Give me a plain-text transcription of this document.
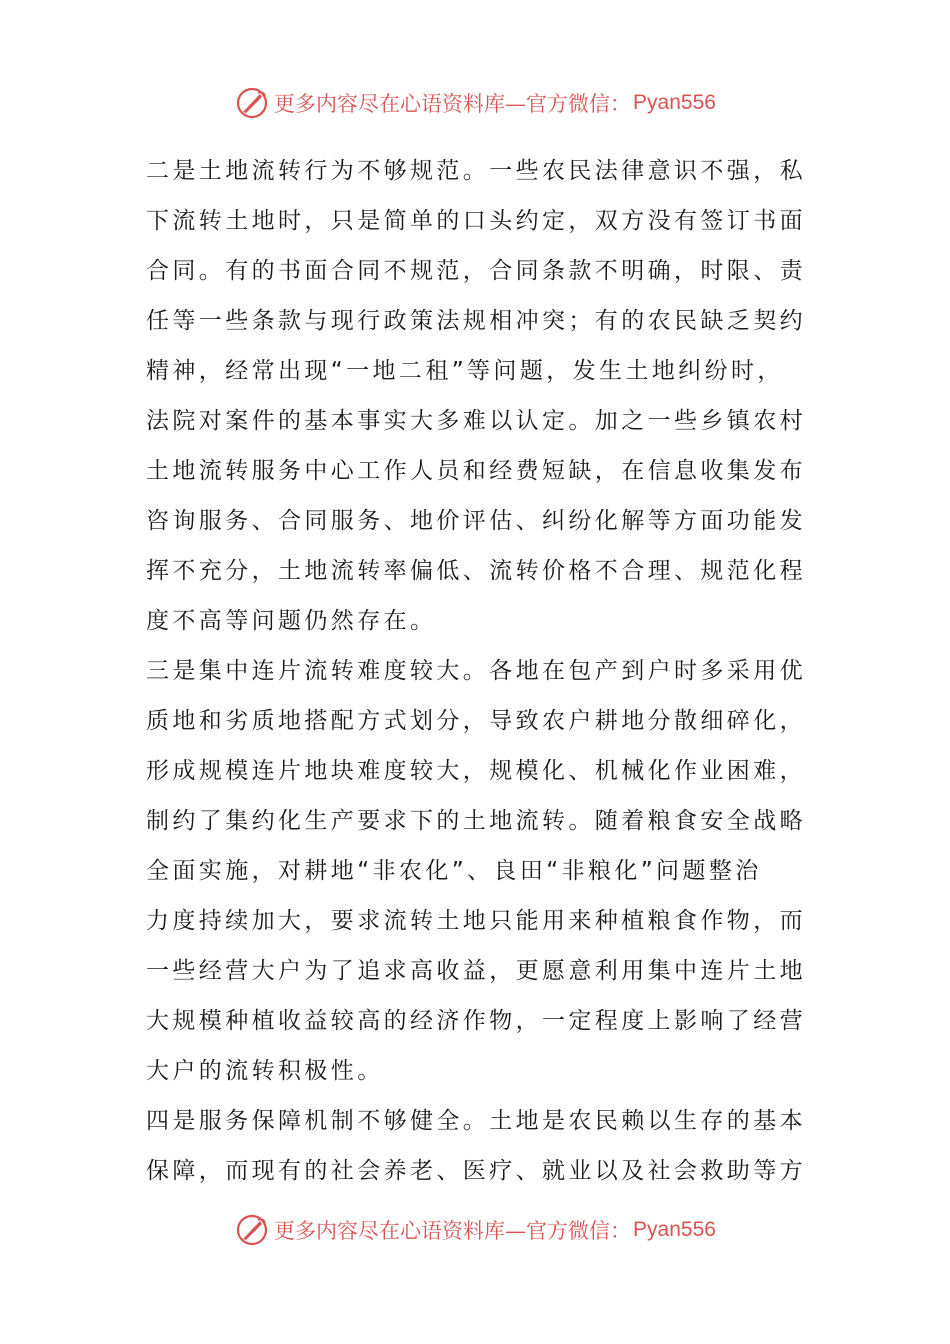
更多内容尽在心语资料库—官方微信： Pyan556
二是土地流转行为不够规范。一些农民法律意识不强，私
下流转土地时，只是简单的口头约定，双方没有签订书面
合同。有的书面合同不规范，合同条款不明确，时限、责
任等一些条款与现行政策法规相冲突；有的农民缺乏契约
精神，经常出现“一地二租”等问题，发生土地纠纷时，
法院对案件的基本事实大多难以认定。加之一些乡镇农村
土地流转服务中心工作人员和经费短缺，在信息收集发布
咨询服务、合同服务、地价评估、纠纷化解等方面功能发
挥不充分，土地流转率偏低、流转价格不合理、规范化程
度不高等问题仍然存在。
三是集中连片流转难度较大。各地在包产到户时多采用优
质地和劣质地搭配方式划分，导致农户耕地分散细碎化，
形成规模连片地块难度较大，规模化、机械化作业困难，
制约了集约化生产要求下的土地流转。随着粮食安全战略
全面实施，对耕地“非农化”、良田“非粮化”问题整治
力度持续加大，要求流转土地只能用来种植粮食作物，而
一些经营大户为了追求高收益，更愿意利用集中连片土地
大规模种植收益较高的经济作物，一定程度上影响了经营
大户的流转积极性。
四是服务保障机制不够健全。土地是农民赖以生存的基本
保障，而现有的社会养老、医疗、就业以及社会救助等方
更多内容尽在心语资料库—官方微信： Pyan556
